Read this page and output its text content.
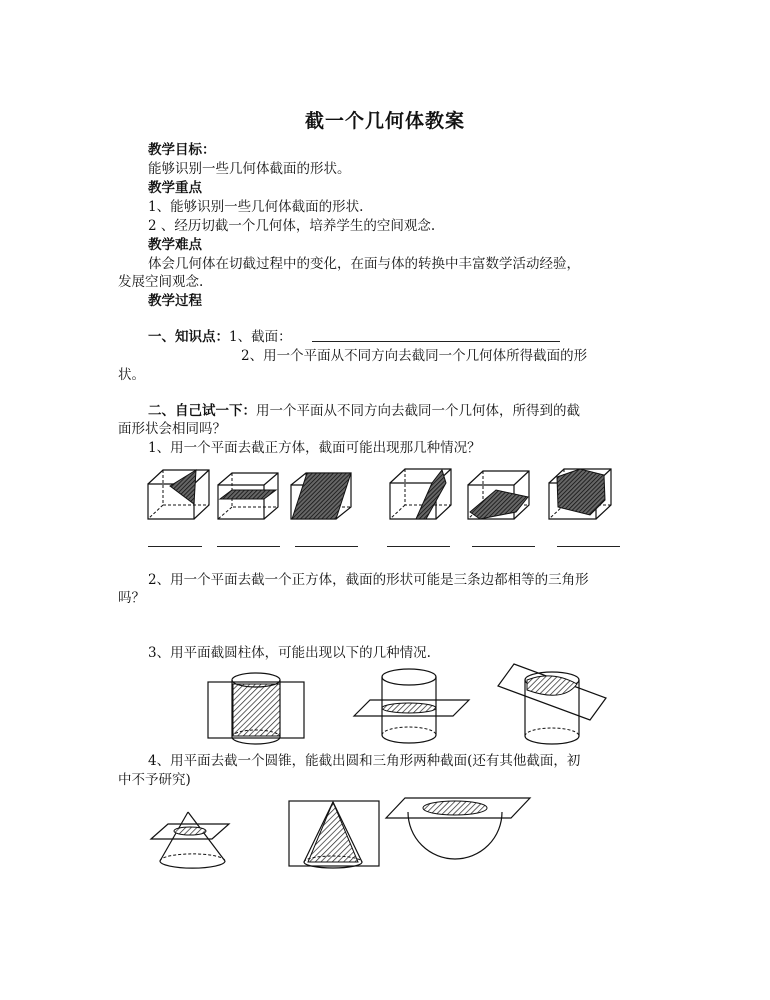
截一个几何体教案
教学目标：
能够识别一些几何体截面的形状。
教学重点
1、能够识别一些几何体截面的形状.
2 、经历切截一个几何体，培养学生的空间观念.
教学难点
体会几何体在切截过程中的变化，在面与体的转换中丰富数学活动经验，
发展空间观念.
教学过程
一、知识点：1、截面：
2、用一个平面从不同方向去截同一个几何体所得截面的形
状。
二、自己试一下：用一个平面从不同方向去截同一个几何体，所得到的截
面形状会相同吗？
1、用一个平面去截正方体，截面可能出现那几种情况？
2、用一个平面去截一个正方体，截面的形状可能是三条边都相等的三角形
吗？
3、用平面截圆柱体，可能出现以下的几种情况.
4、用平面去截一个圆锥，能截出圆和三角形两种截面(还有其他截面，初
中不予研究)
